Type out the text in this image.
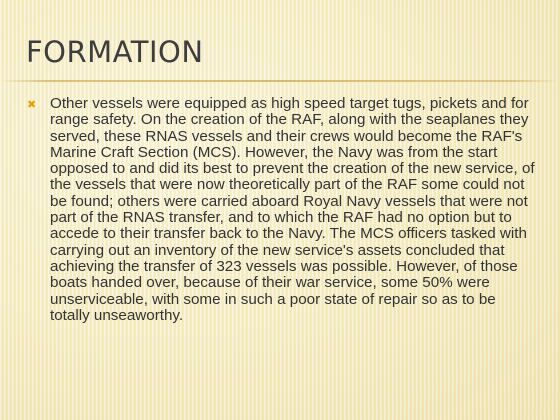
FORMATION
✖ Other vessels were equipped as high speed target tugs, pickets and for range safety. On the creation of the RAF, along with the seaplanes they served, these RNAS vessels and their crews would become the RAF's Marine Craft Section (MCS). However, the Navy was from the start opposed to and did its best to prevent the creation of the new service, of the vessels that were now theoretically part of the RAF some could not be found; others were carried aboard Royal Navy vessels that were not part of the RNAS transfer, and to which the RAF had no option but to accede to their transfer back to the Navy. The MCS officers tasked with carrying out an inventory of the new service's assets concluded that achieving the transfer of 323 vessels was possible. However, of those boats handed over, because of their war service, some 50% were unserviceable, with some in such a poor state of repair so as to be totally unseaworthy.
